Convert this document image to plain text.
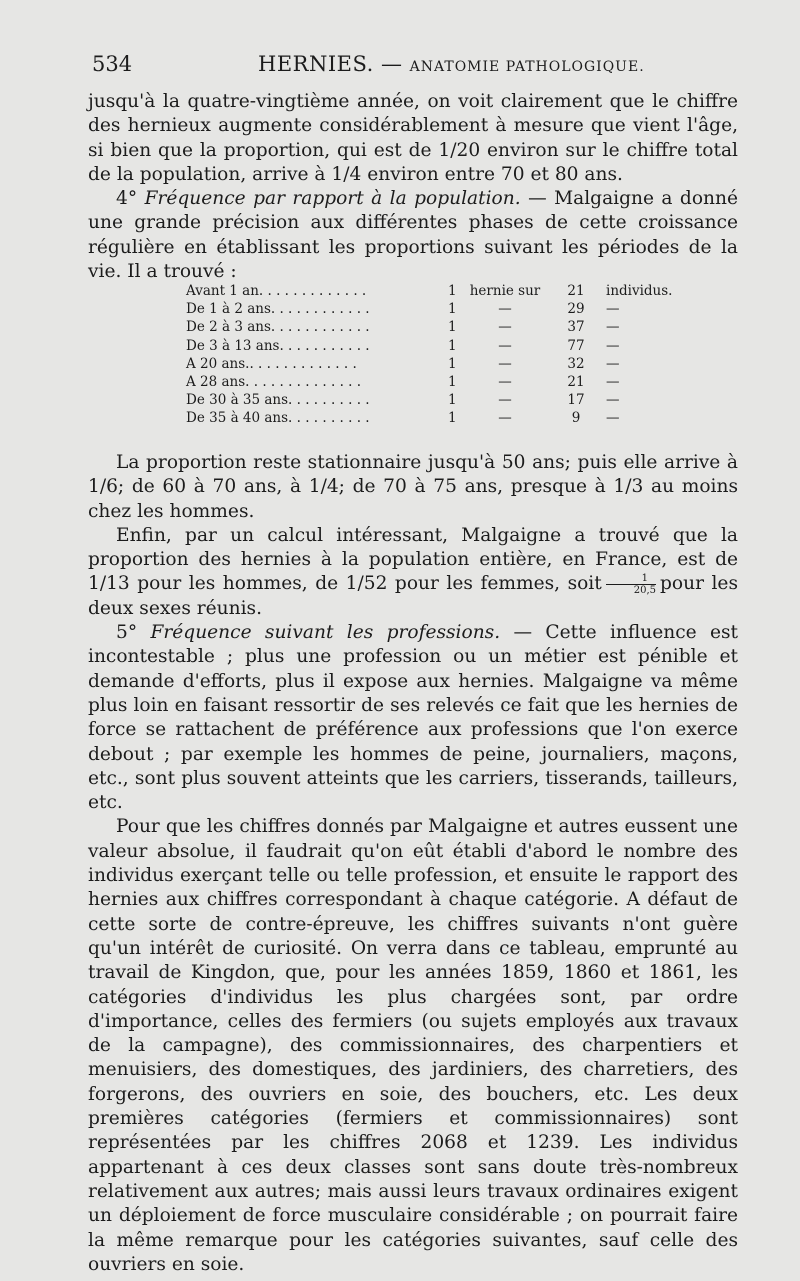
534	HERNIES. — ANATOMIE PATHOLOGIQUE.

jusqu'à la quatre-vingtième année, on voit clairement que le chiffre des hernieux augmente considérablement à mesure que vient l'âge, si bien que la proportion, qui est de 1/20 environ sur le chiffre total de la population, arrive à 1/4 environ entre 70 et 80 ans.

4° Fréquence par rapport à la population. — Malgaigne a donné une grande précision aux différentes phases de cette croissance régulière en établissant les proportions suivant les périodes de la vie. Il a trouvé :

Avant 1 an. . . . . . . . . . . . .	1	hernie sur	21	individus.
De 1 à 2 ans. . . . . . . . . . . .	1	—	29	—
De 2 à 3 ans. . . . . . . . . . . .	1	—	37	—
De 3 à 13 ans. . . . . . . . . . .	1	—	77	—
A 20 ans.. . . . . . . . . . . . .	1	—	32	—
A 28 ans. . . . . . . . . . . . . .	1	—	21	—
De 30 à 35 ans. . . . . . . . . .	1	—	17	—
De 35 à 40 ans. . . . . . . . . .	1	—	9	—

La proportion reste stationnaire jusqu'à 50 ans; puis elle arrive à 1/6; de 60 à 70 ans, à 1/4; de 70 à 75 ans, presque à 1/3 au moins chez les hommes.

Enfin, par un calcul intéressant, Malgaigne a trouvé que la proportion des hernies à la population entière, en France, est de 1/13 pour les hommes, de 1/52 pour les femmes, soit $\frac{1}{20,5}$ pour les deux sexes réunis.

5° Fréquence suivant les professions. — Cette influence est incontestable ; plus une profession ou un métier est pénible et demande d'efforts, plus il expose aux hernies. Malgaigne va même plus loin en faisant ressortir de ses relevés ce fait que les hernies de force se rattachent de préférence aux professions que l'on exerce debout ; par exemple les hommes de peine, journaliers, maçons, etc., sont plus souvent atteints que les carriers, tisserands, tailleurs, etc.

Pour que les chiffres donnés par Malgaigne et autres eussent une valeur absolue, il faudrait qu'on eût établi d'abord le nombre des individus exerçant telle ou telle profession, et ensuite le rapport des hernies aux chiffres correspondant à chaque catégorie. A défaut de cette sorte de contre-épreuve, les chiffres suivants n'ont guère qu'un intérêt de curiosité. On verra dans ce tableau, emprunté au travail de Kingdon, que, pour les années 1859, 1860 et 1861, les catégories d'individus les plus chargées sont, par ordre d'importance, celles des fermiers (ou sujets employés aux travaux de la campagne), des commissionnaires, des charpentiers et menuisiers, des domestiques, des jardiniers, des charretiers, des forgerons, des ouvriers en soie, des bouchers, etc. Les deux premières catégories (fermiers et commissionnaires) sont représentées par les chiffres 2068 et 1239. Les individus appartenant à ces deux classes sont sans doute très-nombreux relativement aux autres; mais aussi leurs travaux ordinaires exigent un déploiement de force musculaire considérable ; on pourrait faire la même remarque pour les catégories suivantes, sauf celle des ouvriers en soie.
